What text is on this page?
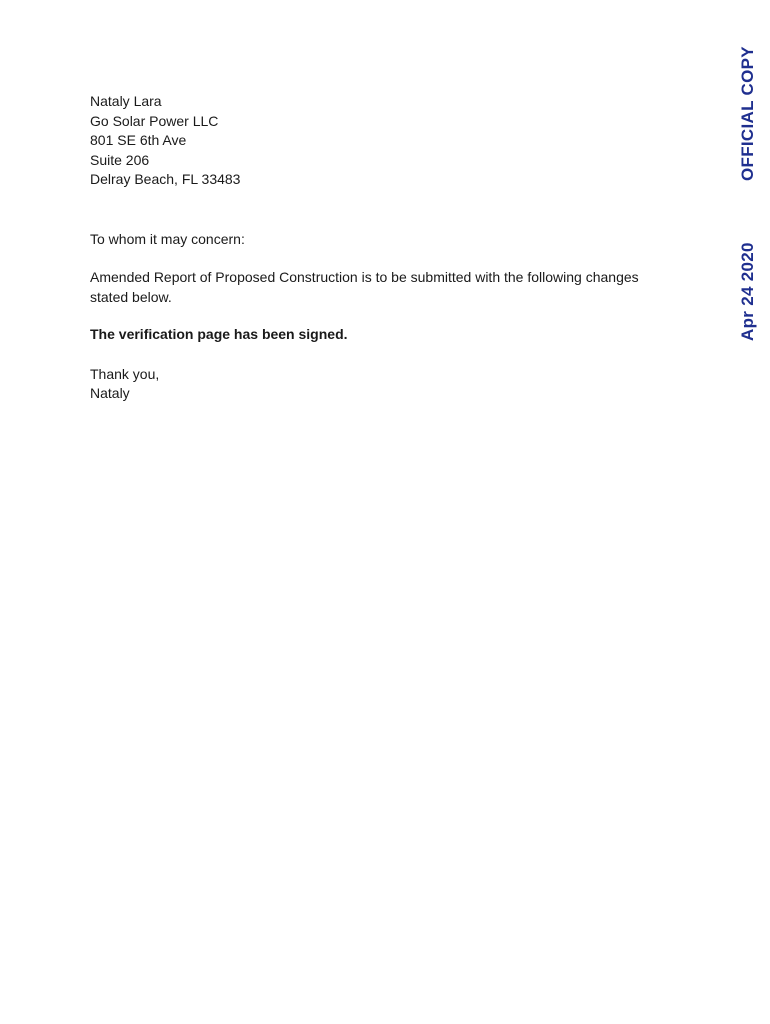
Nataly Lara
Go Solar Power LLC
801 SE 6th Ave
Suite 206
Delray Beach, FL 33483
To whom it may concern:
Amended Report of Proposed Construction is to be submitted with the following changes stated below.
The verification page has been signed.
Thank you,
Nataly
OFFICIAL COPY
Apr 24 2020
